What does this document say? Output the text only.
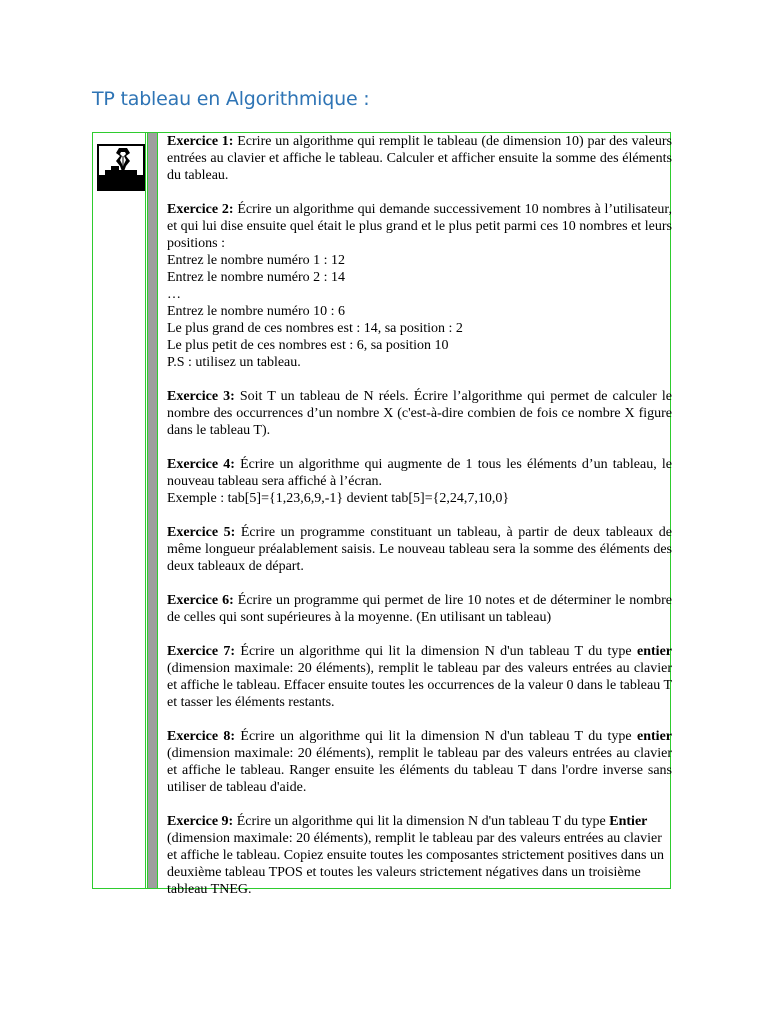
TP tableau en Algorithmique :

Exercice 1: Ecrire un algorithme qui remplit le tableau (de dimension 10) par des valeurs entrées au clavier et affiche le tableau. Calculer et afficher ensuite la somme des éléments du tableau.

Exercice 2: Écrire un algorithme qui demande successivement 10 nombres à l’utilisateur, et qui lui dise ensuite quel était le plus grand et le plus petit parmi ces 10 nombres et leurs positions :
Entrez le nombre numéro 1 : 12
Entrez le nombre numéro 2 : 14
…
Entrez le nombre numéro 10 : 6
Le plus grand de ces nombres est : 14, sa position : 2
Le plus petit de ces nombres est : 6, sa position 10
P.S : utilisez un tableau.

Exercice 3: Soit T un tableau de N réels. Écrire l’algorithme qui permet de calculer le nombre des occurrences d’un nombre X (c'est-à-dire combien de fois ce nombre X figure dans le tableau T).

Exercice 4: Écrire un algorithme qui augmente de 1 tous les éléments d’un tableau, le nouveau tableau sera affiché à l’écran.
Exemple : tab[5]={1,23,6,9,-1} devient tab[5]={2,24,7,10,0}

Exercice 5: Écrire un programme constituant un tableau, à partir de deux tableaux de même longueur préalablement saisis. Le nouveau tableau sera la somme des éléments des deux tableaux de départ.

Exercice 6: Écrire un programme qui permet de lire 10 notes et de déterminer le nombre de celles qui sont supérieures à la moyenne. (En utilisant un tableau)

Exercice 7: Écrire un algorithme qui lit la dimension N d'un tableau T du type entier (dimension maximale: 20 éléments), remplit le tableau par des valeurs entrées au clavier et affiche le tableau. Effacer ensuite toutes les occurrences de la valeur 0 dans le tableau T et tasser les éléments restants.

Exercice 8: Écrire un algorithme qui lit la dimension N d'un tableau T du type entier (dimension maximale: 20 éléments), remplit le tableau par des valeurs entrées au clavier et affiche le tableau. Ranger ensuite les éléments du tableau T dans l'ordre inverse sans utiliser de tableau d'aide.

Exercice 9: Écrire un algorithme qui lit la dimension N d'un tableau T du type Entier (dimension maximale: 20 éléments), remplit le tableau par des valeurs entrées au clavier et affiche le tableau. Copiez ensuite toutes les composantes strictement positives dans un deuxième tableau TPOS et toutes les valeurs strictement négatives dans un troisième tableau TNEG.
